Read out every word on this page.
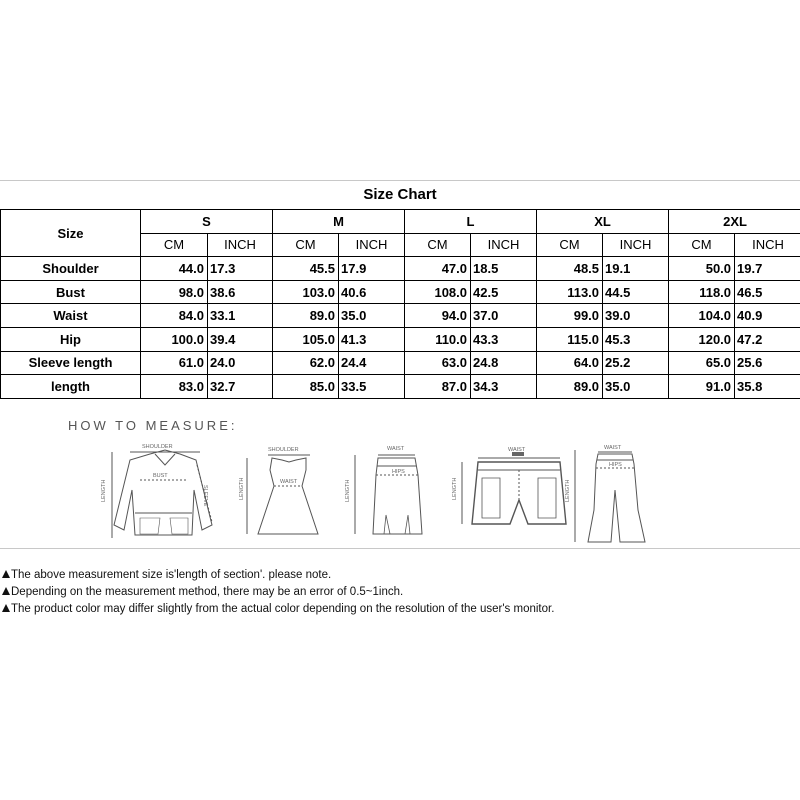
Size Chart
Size	S		M		L		XL		2XL	
	CM	INCH	CM	INCH	CM	INCH	CM	INCH	CM	INCH
Shoulder	44.0	17.3	45.5	17.9	47.0	18.5	48.5	19.1	50.0	19.7
Bust	98.0	38.6	103.0	40.6	108.0	42.5	113.0	44.5	118.0	46.5
Waist	84.0	33.1	89.0	35.0	94.0	37.0	99.0	39.0	104.0	40.9
Hip	100.0	39.4	105.0	41.3	110.0	43.3	115.0	45.3	120.0	47.2
Sleeve length	61.0	24.0	62.0	24.4	63.0	24.8	64.0	25.2	65.0	25.6
length	83.0	32.7	85.0	33.5	87.0	34.3	89.0	35.0	91.0	35.8
HOW TO MEASURE:
SHOULDER
LENGTH
BUST
SLEEVE
SHOULDER
LENGTH	WAIST
WAIST
LENGTH
HIPS
WAIST
LENGTH
WAIST
HIPS
LENGTH
The above measurement size is'length of section'. please note.
Depending on the measurement method, there may be an error of 0.5~1inch.
The product color may differ slightly from the actual color depending on the resolution of the user's monitor.
